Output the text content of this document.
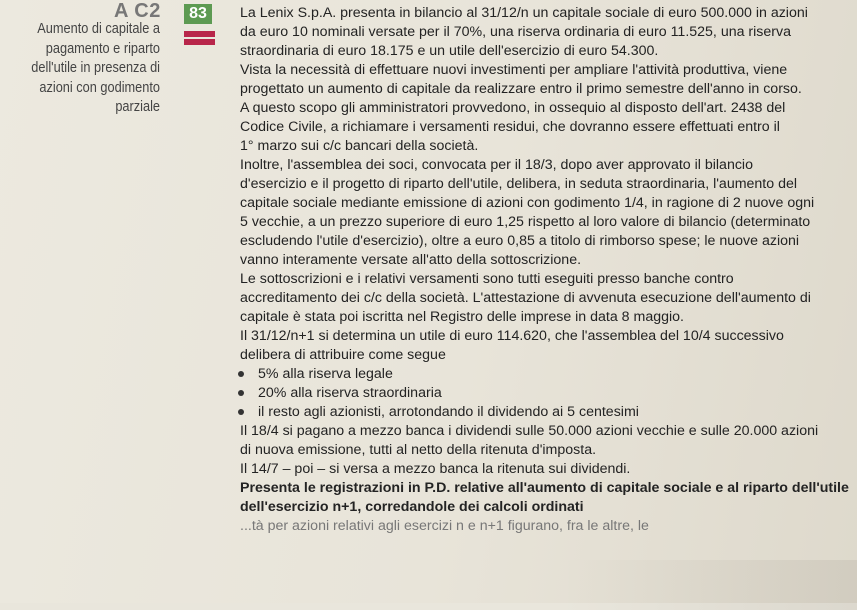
A C2
Aumento di capitale a
pagamento e riparto
dell'utile in presenza di
azioni con godimento
parziale
83	La Lenix S.p.A. presenta in bilancio al 31/12/n un capitale sociale di euro 500.000 in azioni
da euro 10 nominali versate per il 70%, una riserva ordinaria di euro 11.525, una riserva
straordinaria di euro 18.175 e un utile dell'esercizio di euro 54.300.

Vista la necessità di effettuare nuovi investimenti per ampliare l'attività produttiva, viene
progettato un aumento di capitale da realizzare entro il primo semestre dell'anno in corso.
A questo scopo gli amministratori provvedono, in ossequio al disposto dell'art. 2438 del
Codice Civile, a richiamare i versamenti residui, che dovranno essere effettuati entro il
1° marzo sui c/c bancari della società.

Inoltre, l'assemblea dei soci, convocata per il 18/3, dopo aver approvato il bilancio
d'esercizio e il progetto di riparto dell'utile, delibera, in seduta straordinaria, l'aumento del
capitale sociale mediante emissione di azioni con godimento 1/4, in ragione di 2 nuove ogni
5 vecchie, a un prezzo superiore di euro 1,25 rispetto al loro valore di bilancio (determinato
escludendo l'utile d'esercizio), oltre a euro 0,85 a titolo di rimborso spese; le nuove azioni
vanno interamente versate all'atto della sottoscrizione.

Le sottoscrizioni e i relativi versamenti sono tutti eseguiti presso banche contro
accreditamento dei c/c della società. L'attestazione di avvenuta esecuzione dell'aumento di
capitale è stata poi iscritta nel Registro delle imprese in data 8 maggio.

Il 31/12/n+1 si determina un utile di euro 114.620, che l'assemblea del 10/4 successivo
delibera di attribuire come segue

5% alla riserva legale
20% alla riserva straordinaria
il resto agli azionisti, arrotondando il dividendo ai 5 centesimi

Il 18/4 si pagano a mezzo banca i dividendi sulle 50.000 azioni vecchie e sulle 20.000 azioni
di nuova emissione, tutti al netto della ritenuta d'imposta.

Il 14/7 – poi – si versa a mezzo banca la ritenuta sui dividendi.

Presenta le registrazioni in P.D. relative all'aumento di capitale sociale e al riparto dell'utile
dell'esercizio n+1, corredandole dei calcoli ordinati

...tà per azioni relativi agli esercizi n e n+1 figurano, fra le altre, le
